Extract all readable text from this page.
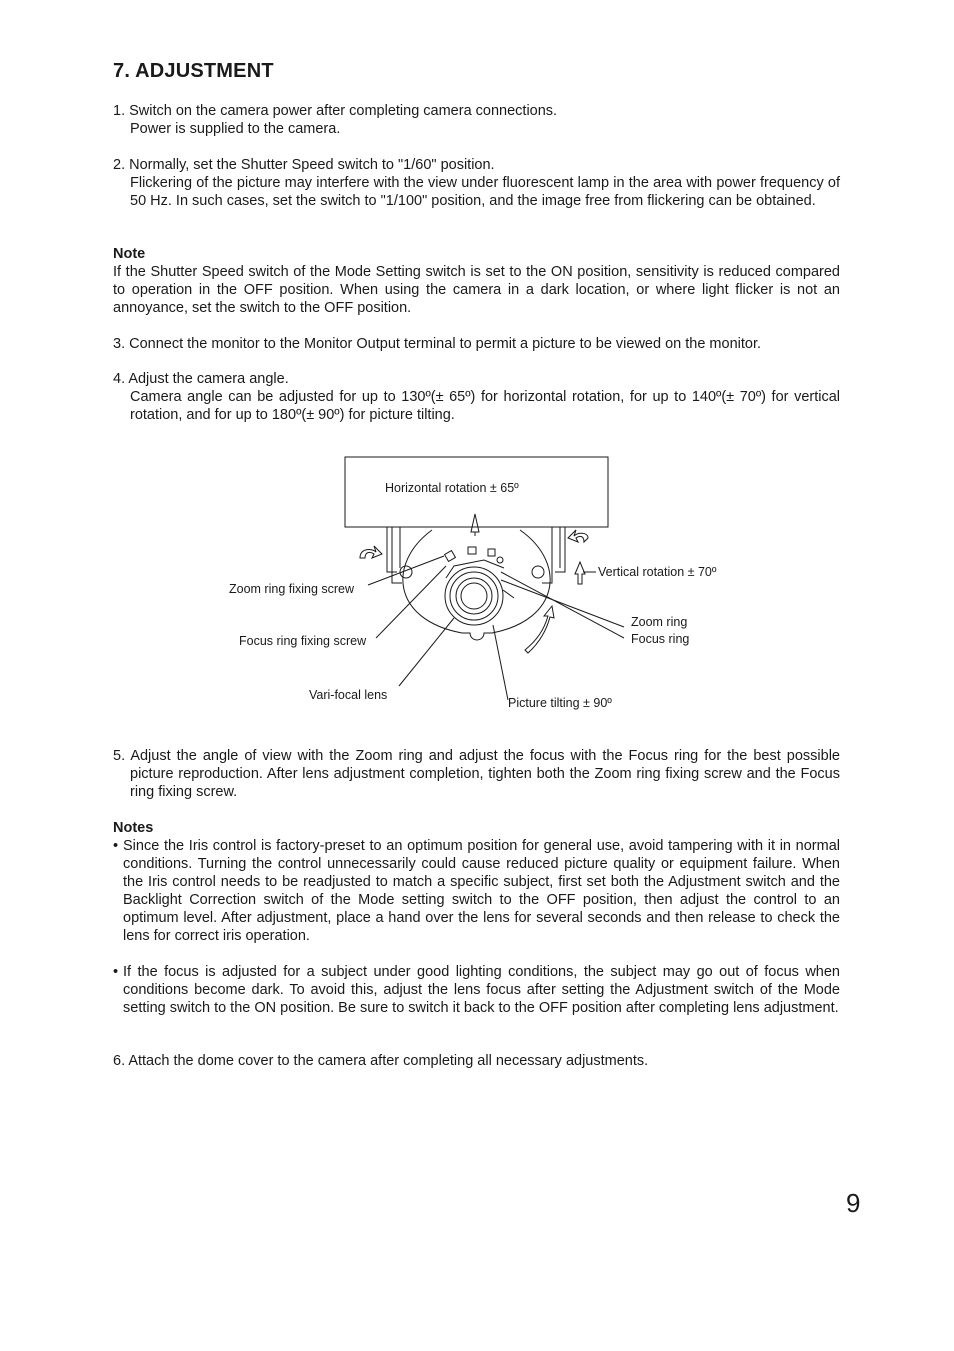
7. ADJUSTMENT

1. Switch on the camera power after completing camera connections.

Power is supplied to the camera.

2. Normally, set the Shutter Speed switch to "1/60" position.

Flickering of the picture may interfere with the view under fluorescent lamp in the area with power frequency of 50 Hz. In such cases, set the switch to "1/100" position, and the image free from flickering can be obtained.

Note

If the Shutter Speed switch of the Mode Setting switch is set to the ON position, sensitivity is reduced compared to operation in the OFF position. When using the camera in a dark location, or where light flicker is not an annoyance, set the switch to the OFF position.

3. Connect the monitor to the Monitor Output terminal to permit a picture to be viewed on the monitor.

4. Adjust the camera angle.

Camera angle can be adjusted for up to 130º(± 65º) for horizontal rotation, for up to 140º(± 70º) for vertical rotation, and for up to 180º(± 90º) for picture tilting.

Horizontal rotation ± 65º
Vertical rotation ± 70º
Zoom ring fixing screw
Focus ring fixing screw
Vari-focal lens
Zoom ring
Focus ring
Picture tilting ± 90º

5. Adjust the angle of view with the Zoom ring and adjust the focus with the Focus ring for the best possible picture reproduction. After lens adjustment completion, tighten both the Zoom ring fixing screw and the Focus ring fixing screw.

Notes

• Since the Iris control is factory-preset to an optimum position for general use, avoid tampering with it in normal conditions. Turning the control unnecessarily could cause reduced picture quality or equipment failure. When the Iris control needs to be readjusted to match a specific subject, first set both the Adjustment switch and the Backlight Correction switch of the Mode setting switch to the OFF position, then adjust the control to an optimum level. After adjustment, place a hand over the lens for several seconds and then release to check the lens for correct iris operation.
• If the focus is adjusted for a subject under good lighting conditions, the subject may go out of focus when conditions become dark. To avoid this, adjust the lens focus after setting the Adjustment switch of the Mode setting switch to the ON position. Be sure to switch it back to the OFF position after completing lens adjustment.

6. Attach the dome cover to the camera after completing all necessary adjustments.

9
